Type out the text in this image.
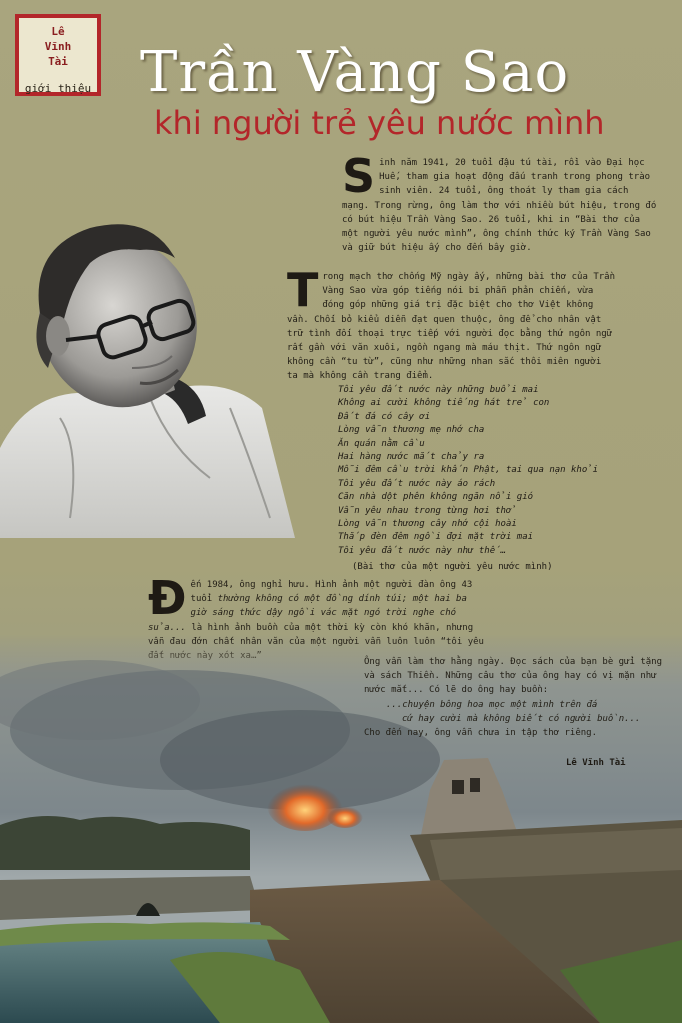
Lê
Vĩnh
Tài
giới thiệu Trần Vàng Sao
khi người trẻ yêu nước mình
S inh năm 1941, 20 tuổi đậu tú tài, rồi vào Đại học Huế, tham gia hoạt động đấu tranh trong phong trào sinh viên. 24 tuổi, ông thoát ly tham gia cách mạng. Trong rừng, ông làm thơ với nhiều bút hiệu, trong đó có bút hiệu Trần Vàng Sao. 26 tuổi, khi in “Bài thơ của một người yêu nước mình”, ông chính thức ký Trần Vàng Sao và giữ bút hiệu ấy cho đến bây giờ.
T rong mạch thơ chống Mỹ ngày ấy, những bài thơ của Trần Vàng Sao vừa góp tiếng nói bi phẫn phản chiến, vừa đóng góp những giá trị đặc biệt cho thơ Việt không vần. Chối bỏ kiểu diễn đạt quen thuộc, ông để cho nhân vật trữ tình đối thoại trực tiếp với người đọc bằng thứ ngôn ngữ rất gần với văn xuôi, ngồn ngang mà máu thịt. Thứ ngôn ngữ không cần “tu từ”, cũng như những nhan sắc thôi miên người ta mà không cần trang điểm.
Tôi yêu đất nước này những buổi mai
Không ai cười không tiếng hát trẻ con
Đất đá có cây ơi
Lòng vẫn thương mẹ nhớ cha
Ăn quán nằm cầu
Hai hàng nước mắt chảy ra
Mỗi đêm cầu trời khấn Phật, tai qua nạn khỏi
Tôi yêu đất nước này áo rách
Căn nhà dột phên không ngăn nổi gió
Vẫn yêu nhau trong từng hơi thở
Lòng vẫn thương cây nhớ cội hoài
Thắp đèn đêm ngồi đợi mặt trời mai
Tôi yêu đất nước này như thế…
(Bài thơ của một người yêu nước mình)
Đ ến 1984, ông nghỉ hưu. Hình ảnh một người đàn ông 43 tuổi thường không có một đồng dính túi; một hai ba giờ sáng thức dậy ngồi vác mặt ngó trời nghe chó sủa... là hình ảnh buồn của một thời kỳ còn khó khăn, nhưng
Ông vẫn làm thơ hằng ngày. Đọc sách của bạn bè gửi tặng và sách Thiền. Những câu thơ của ông hay có vị mặn như nước mắt... Có lẽ do ông hay buồn:
...chuyện bông hoa mọc một mình trên đá
cứ hay cười mà không biết có người buồn...
Cho đến nay, ông vẫn chưa in tập thơ riêng.
Lê Vĩnh Tài
